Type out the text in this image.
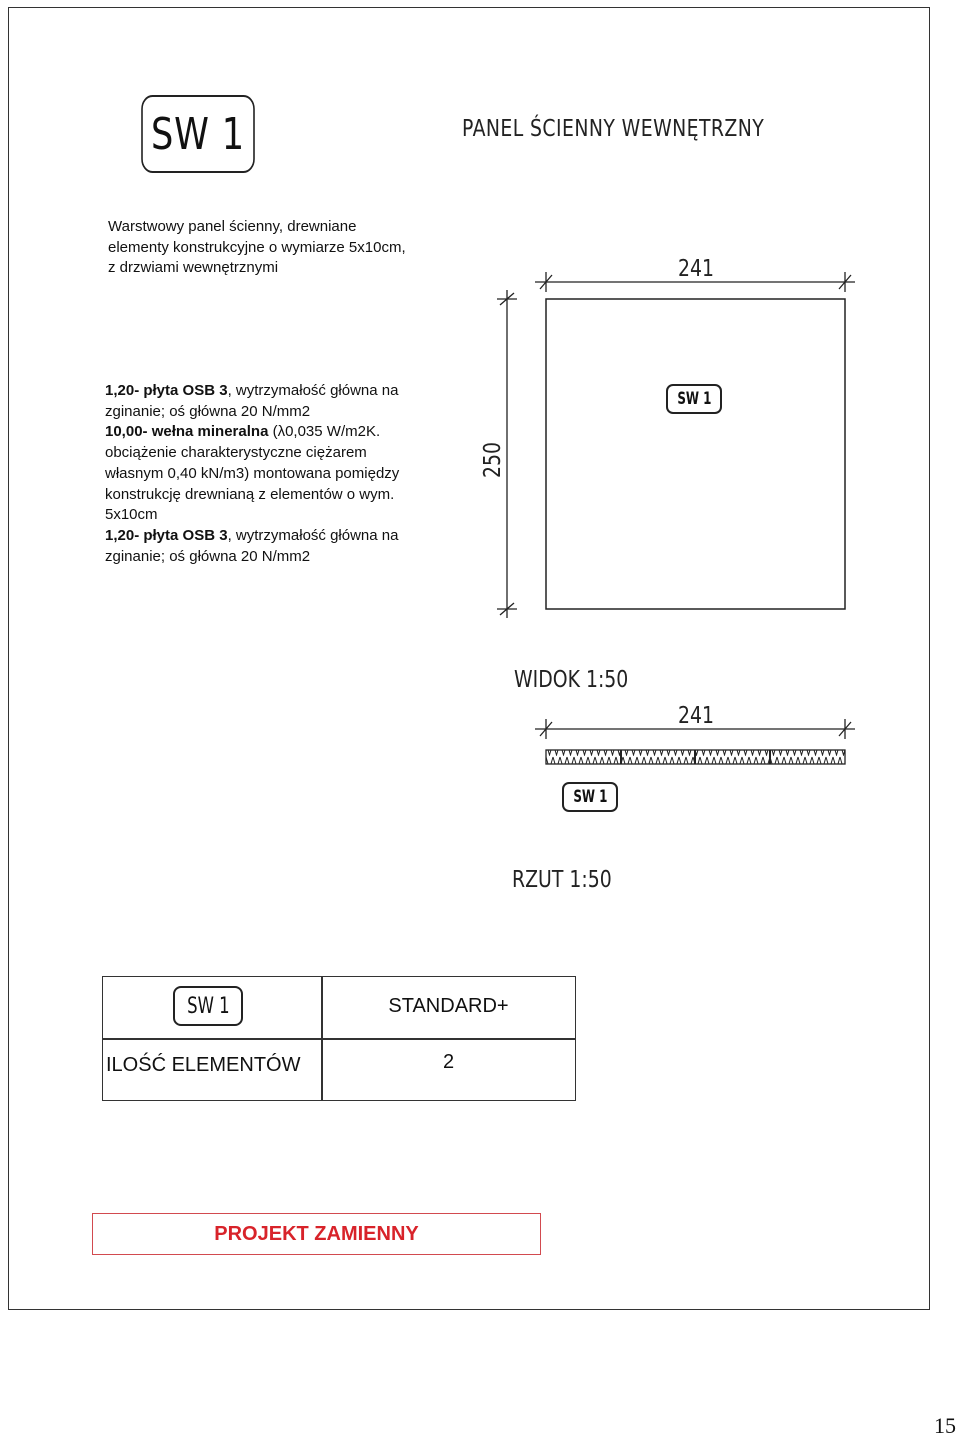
SW 1	PANEL ŚCIENNY WEWNĘTRZNY
Warstwowy panel ścienny, drewniane
elementy konstrukcyjne o wymiarze 5x10cm,
z drzwiami wewnętrznymi
1,20- płyta OSB 3, wytrzymałość główna na
zginanie; oś główna 20 N/mm2
10,00- wełna mineralna (λ0,035 W/m2K.
obciążenie charakterystyczne ciężarem
własnym 0,40 kN/m3) montowana pomiędzy
konstrukcję drewnianą z elementów o wym.
5x10cm
1,20- płyta OSB 3, wytrzymałość główna na
zginanie; oś główna 20 N/mm2
241
250
SW 1
WIDOK 1:50
241
SW 1
RZUT 1:50
SW 1	STANDARD+
ILOŚĆ ELEMENTÓW	2
PROJEKT ZAMIENNY
15
